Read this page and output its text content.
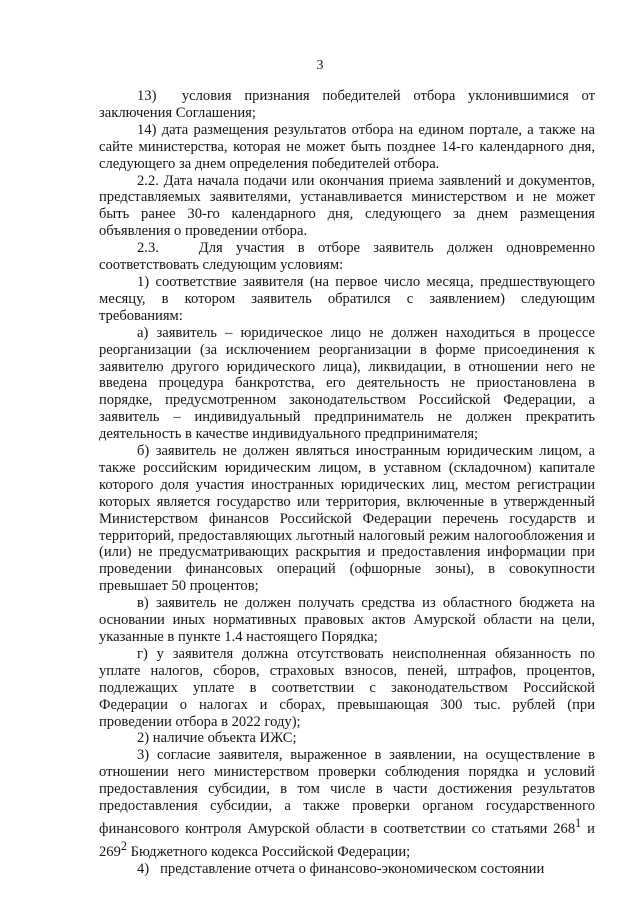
3

13)  условия признания победителей отбора уклонившимися от заключения Соглашения;

14) дата размещения результатов отбора на едином портале, а также на сайте министерства, которая не может быть позднее 14-го календарного дня, следующего за днем определения победителей отбора.

2.2. Дата начала подачи или окончания приема заявлений и документов, представляемых заявителями, устанавливается министерством и не может быть ранее 30-го календарного дня, следующего за днем размещения объявления о проведении отбора.

2.3.   Для участия в отборе заявитель должен одновременно соответствовать следующим условиям:

1) соответствие заявителя (на первое число месяца, предшествующего месяцу, в котором заявитель обратился с заявлением) следующим требованиям:

а) заявитель – юридическое лицо не должен находиться в процессе реорганизации (за исключением реорганизации в форме присоединения к заявителю другого юридического лица), ликвидации, в отношении него не введена процедура банкротства, его деятельность не приостановлена в порядке, предусмотренном законодательством Российской Федерации, а заявитель – индивидуальный предприниматель не должен прекратить деятельность в качестве индивидуального предпринимателя;

б) заявитель не должен являться иностранным юридическим лицом, а также российским юридическим лицом, в уставном (складочном) капитале которого доля участия иностранных юридических лиц, местом регистрации которых является государство или территория, включенные в утвержденный Министерством финансов Российской Федерации перечень государств и территорий, предоставляющих льготный налоговый режим налогообложения и (или) не предусматривающих раскрытия и предоставления информации при проведении финансовых операций (офшорные зоны), в совокупности превышает 50 процентов;

в) заявитель не должен получать средства из областного бюджета на основании иных нормативных правовых актов Амурской области на цели, указанные в пункте 1.4 настоящего Порядка;

г) у заявителя должна отсутствовать неисполненная обязанность по уплате налогов, сборов, страховых взносов, пеней, штрафов, процентов, подлежащих уплате в соответствии с законодательством Российской Федерации о налогах и сборах, превышающая 300 тыс. рублей (при проведении отбора в 2022 году);

2) наличие объекта ИЖС;

3) согласие заявителя, выраженное в заявлении, на осуществление в отношении него министерством проверки соблюдения порядка и условий предоставления субсидии, в том числе в части достижения результатов предоставления субсидии, а также проверки органом государственного финансового контроля Амурской области в соответствии со статьями $268^1$ и $269^2$ Бюджетного кодекса Российской Федерации;

4)   представление отчета о финансово-экономическом состоянии
